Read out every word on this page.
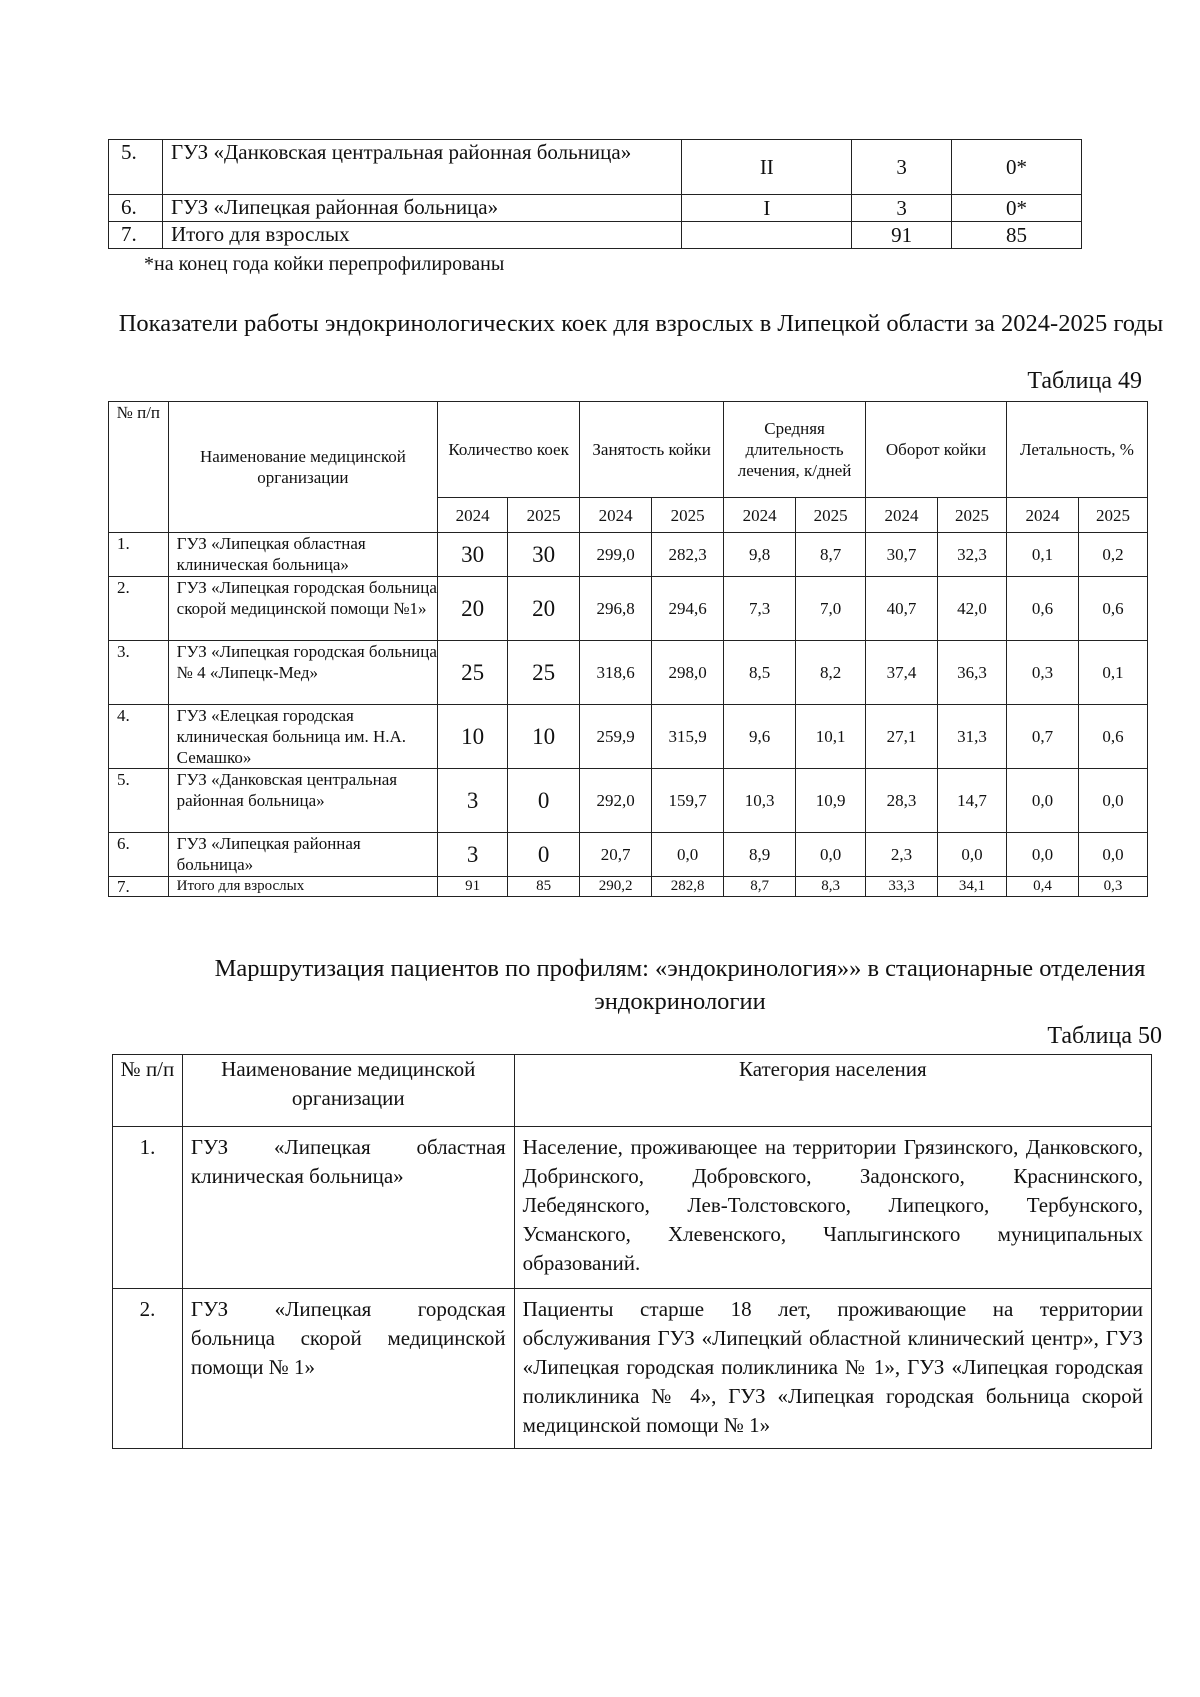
5.	ГУЗ «Данковская центральная районная больница»	II	3	0*
6.	ГУЗ «Липецкая районная больница»	I	3	0*
7.	Итого для взрослых		91	85
*на конец года койки перепрофилированы
Показатели работы эндокринологических коек для взрослых в Липецкой области за 2024-2025 годы
Таблица 49
№ п/п	Наименование медицинской организации	Количество коек		Занятость койки		Средняя длительность лечения, к/дней		Оборот койки		Летальность, %	
		2024	2025	2024	2025	2024	2025	2024	2025	2024	2025
1.	ГУЗ «Липецкая областная клиническая больница»	30	30	299,0	282,3	9,8	8,7	30,7	32,3	0,1	0,2
2.	ГУЗ «Липецкая городская больница скорой медицинской помощи №1»	20	20	296,8	294,6	7,3	7,0	40,7	42,0	0,6	0,6
3.	ГУЗ «Липецкая городская больница № 4 «Липецк-Мед»	25	25	318,6	298,0	8,5	8,2	37,4	36,3	0,3	0,1
4.	ГУЗ «Елецкая городская клиническая больница им. Н.А. Семашко»	10	10	259,9	315,9	9,6	10,1	27,1	31,3	0,7	0,6
5.	ГУЗ «Данковская центральная районная больница»	3	0	292,0	159,7	10,3	10,9	28,3	14,7	0,0	0,0
6.	ГУЗ «Липецкая районная больница»	3	0	20,7	0,0	8,9	0,0	2,3	0,0	0,0	0,0
7.	Итого для взрослых	91	85	290,2	282,8	8,7	8,3	33,3	34,1	0,4	0,3
Маршрутизация пациентов по профилям: «эндокринология»» в стационарные отделения эндокринологии
Таблица 50
№ п/п	Наименование медицинской организации	Категория населения
1.	ГУЗ «Липецкая областная клиническая больница»	Население, проживающее на территории Грязинского, Данковского, Добринского, Добровского, Задонского, Краснинского, Лебедянского, Лев-Толстовского, Липецкого, Тербунского, Усманского, Хлевенского, Чаплыгинского муниципальных образований.
2.	ГУЗ «Липецкая городская больница скорой медицинской помощи № 1»	Пациенты старше 18 лет, проживающие на территории обслуживания ГУЗ «Липецкий областной клинический центр», ГУЗ «Липецкая городская поликлиника № 1», ГУЗ «Липецкая городская поликлиника № 4», ГУЗ «Липецкая городская больница скорой медицинской помощи № 1»
